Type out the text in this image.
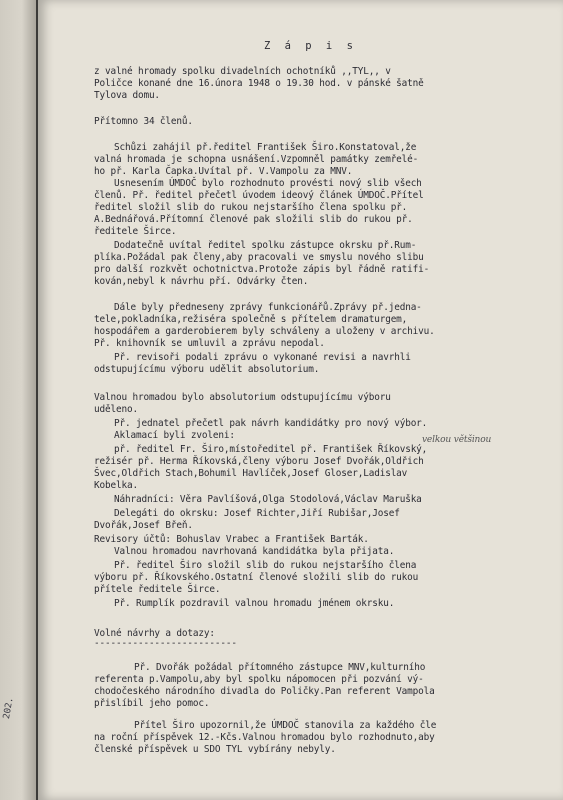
202.
Z á p i s
z valné hromady spolku divadelních ochotníků ,,TYL,, v
Poličce konané dne 16.února 1948 o 19.30 hod. v pánské šatně
Tylova domu.
Přítomno 34 členů.
Schůzi zahájil př.ředitel František Širo.Konstatoval,že
valná hromada je schopna usnášení.Vzpomněl památky zemřelé-
ho př. Karla Čapka.Uvítal př. V.Vampolu za MNV.
Usnesením ÚMDOČ bylo rozhodnuto provésti nový slib všech
členů. Př. ředitel přečetl úvodem ideový článek ÚMDOČ.Přítel
ředitel složil slib do rukou nejstaršího člena spolku př.
A.Bednářová.Přítomní členové pak složili slib do rukou př.
ředitele Širce.
Dodatečně uvítal ředitel spolku zástupce okrsku př.Rum-
plíka.Požádal pak členy,aby pracovali ve smyslu nového slibu
pro další rozkvět ochotnictva.Protože zápis byl řádně ratifi-
kován,nebyl k návrhu pří. Odvárky čten.
Dále byly předneseny zprávy funkcionářů.Zprávy př.jedna-
tele,pokladníka,režiséra společně s přítelem dramaturgem,
hospodářem a garderobierem byly schváleny a uloženy v archivu.
Př. knihovník se umluvil a zprávu nepodal.
Př. revisoři podali zprávu o vykonané revisi a navrhli
odstupujícímu výboru udělit absolutorium.
Valnou hromadou bylo absolutorium odstupujícímu výboru
uděleno.
Př. jednatel přečetl pak návrh kandidátky pro nový výbor.
Aklamací byli zvoleni:	velkou většinou
př. ředitel Fr. Širo,místoředitel př. František Říkovský,
režisér př. Herma Říkovská,členy výboru Josef Dvořák,Oldřich
Švec,Oldřich Stach,Bohumil Havlíček,Josef Gloser,Ladislav
Kobelka.
Náhradníci: Věra Pavlíšová,Olga Stodolová,Václav Maruška
Delegáti do okrsku: Josef Richter,Jiří Rubišar,Josef
Dvořák,Josef Břeň.
Revisory účtů: Bohuslav Vrabec a František Barták.
Valnou hromadou navrhovaná kandidátka byla přijata.
Př. ředitel Širo složil slib do rukou nejstaršího člena
výboru př. Říkovského.Ostatní členové složili slib do rukou
přítele ředitele Širce.
Př. Rumplík pozdravil valnou hromadu jménem okrsku.
Volné návrhy a dotazy:
--------------------------
Př. Dvořák požádal přítomného zástupce MNV,kulturního
referenta p.Vampolu,aby byl spolku nápomocen při pozvání vý-
chodočeského národního divadla do Poličky.Pan referent Vampola
přislíbil jeho pomoc.
Přítel Širo upozornil,že ÚMDOČ stanovila za každého čle
na roční příspěvek 12.-Kčs.Valnou hromadou bylo rozhodnuto,aby
členské příspěvek u SDO TYL vybírány nebyly.
